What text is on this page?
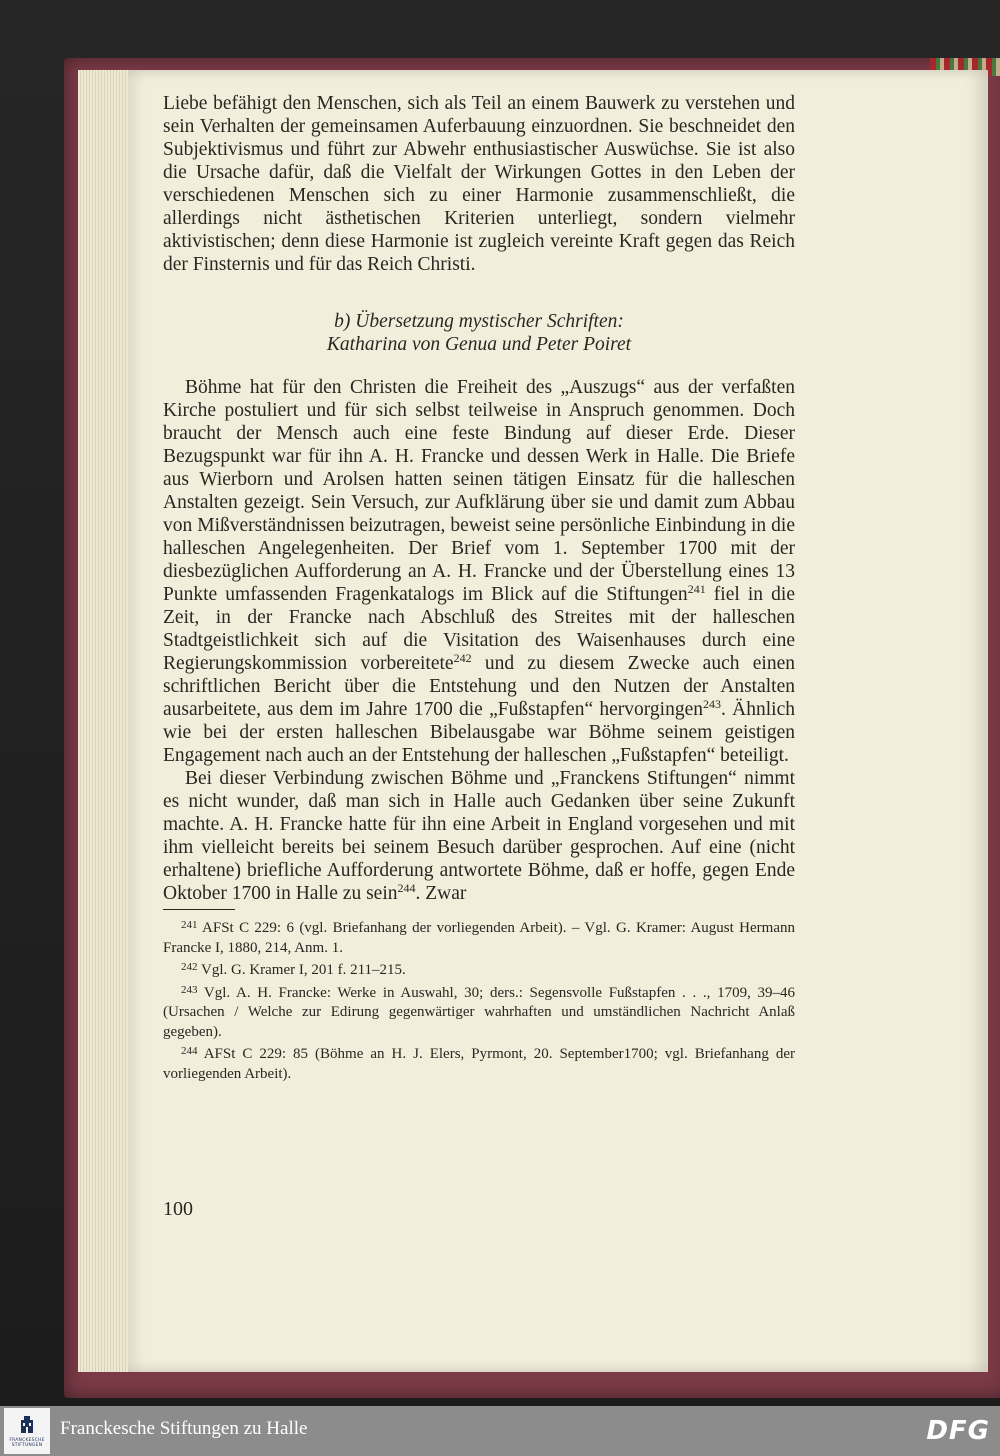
Liebe befähigt den Menschen, sich als Teil an einem Bauwerk zu verstehen und sein Verhalten der gemeinsamen Auferbauung einzuordnen. Sie beschneidet den Subjektivismus und führt zur Abwehr enthusiastischer Auswüchse. Sie ist also die Ursache dafür, daß die Vielfalt der Wirkungen Gottes in den Leben der verschiedenen Menschen sich zu einer Harmonie zusammenschließt, die allerdings nicht ästhetischen Kriterien unterliegt, sondern vielmehr aktivistischen; denn diese Harmonie ist zugleich vereinte Kraft gegen das Reich der Finsternis und für das Reich Christi.

b) Übersetzung mystischer Schriften:
Katharina von Genua und Peter Poiret

Böhme hat für den Christen die Freiheit des „Auszugs“ aus der verfaßten Kirche postuliert und für sich selbst teilweise in Anspruch genommen. Doch braucht der Mensch auch eine feste Bindung auf dieser Erde. Dieser Bezugspunkt war für ihn A. H. Francke und dessen Werk in Halle. Die Briefe aus Wierborn und Arolsen hatten seinen tätigen Einsatz für die halleschen Anstalten gezeigt. Sein Versuch, zur Aufklärung über sie und damit zum Abbau von Mißverständnissen beizutragen, beweist seine persönliche Einbindung in die halleschen Angelegenheiten. Der Brief vom 1. September 1700 mit der diesbezüglichen Aufforderung an A. H. Francke und der Überstellung eines 13 Punkte umfassenden Fragenkatalogs im Blick auf die Stiftungen$^{241}$ fiel in die Zeit, in der Francke nach Abschluß des Streites mit der halleschen Stadtgeistlichkeit sich auf die Visitation des Waisenhauses durch eine Regierungskommission vorbereitete$^{242}$ und zu diesem Zwecke auch einen schriftlichen Bericht über die Entstehung und den Nutzen der Anstalten ausarbeitete, aus dem im Jahre 1700 die „Fußstapfen“ hervorgingen$^{243}$. Ähnlich wie bei der ersten halleschen Bibelausgabe war Böhme seinem geistigen Engagement nach auch an der Entstehung der halleschen „Fußstapfen“ beteiligt.

Bei dieser Verbindung zwischen Böhme und „Franckens Stiftungen“ nimmt es nicht wunder, daß man sich in Halle auch Gedanken über seine Zukunft machte. A. H. Francke hatte für ihn eine Arbeit in England vorgesehen und mit ihm vielleicht bereits bei seinem Besuch darüber gesprochen. Auf eine (nicht erhaltene) briefliche Aufforderung antwortete Böhme, daß er hoffe, gegen Ende Oktober 1700 in Halle zu sein$^{244}$. Zwar

$^{241}$ AFSt C 229: 6 (vgl. Briefanhang der vorliegenden Arbeit). – Vgl. G. Kramer: August Hermann Francke I, 1880, 214, Anm. 1.

$^{242}$ Vgl. G. Kramer I, 201 f. 211–215.

$^{243}$ Vgl. A. H. Francke: Werke in Auswahl, 30; ders.: Segensvolle Fußstapfen . . ., 1709, 39–46 (Ursachen / Welche zur Edirung gegenwärtiger wahrhaften und umständlichen Nachricht Anlaß gegeben).

$^{244}$ AFSt C 229: 85 (Böhme an H. J. Elers, Pyrmont, 20. September1700; vgl. Briefanhang der vorliegenden Arbeit).

100
FRANCKESCHE STIFTUNGEN
Franckesche Stiftungen zu Halle	DFG
